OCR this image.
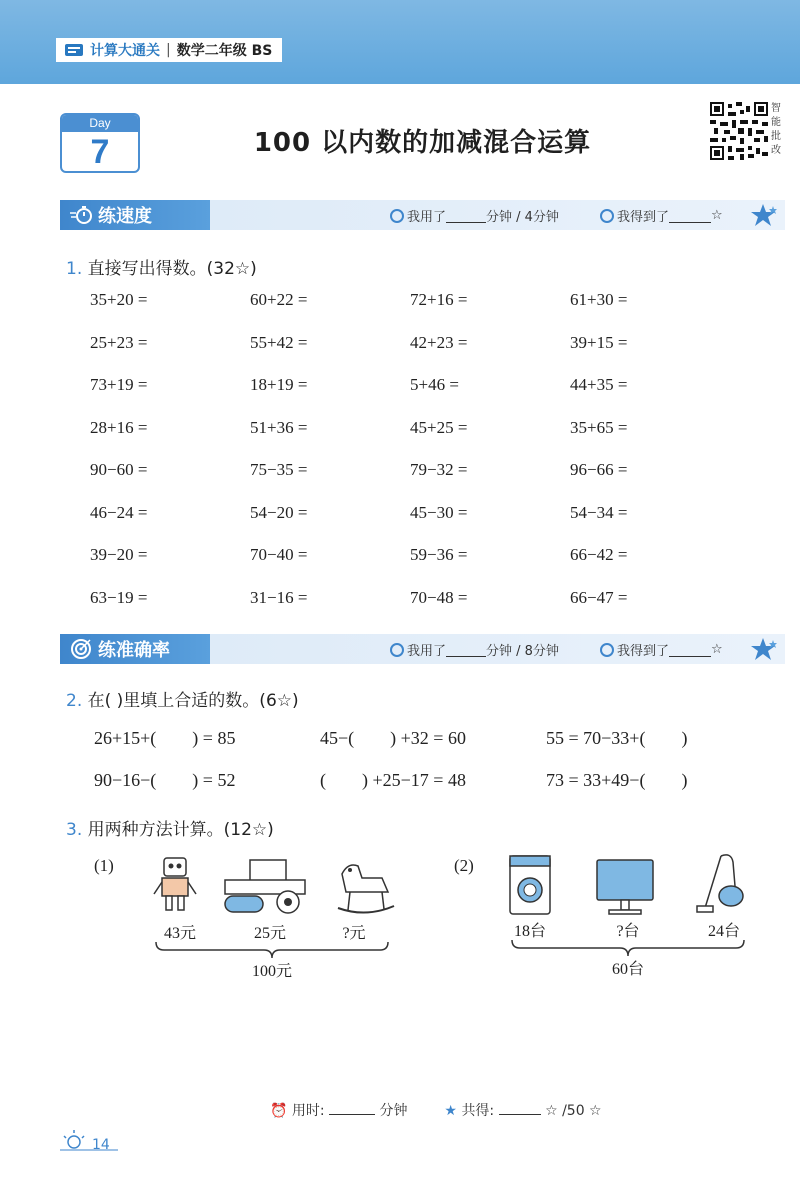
计算大通关 | 数学二年级 BS
Day
7	100 以内数的加减混合运算
智
能
批
改
练速度	我用了	分钟 / 4分钟	我得到了	☆
1. 直接写出得数。(32☆)
35+20 =	60+22 =	72+16 =	61+30 =
25+23 =	55+42 =	42+23 =	39+15 =
73+19 =	18+19 =	5+46 =	44+35 =
28+16 =	51+36 =	45+25 =	35+65 =
90−60 =	75−35 =	79−32 =	96−66 =
46−24 =	54−20 =	45−30 =	54−34 =
39−20 =	70−40 =	59−36 =	66−42 =
63−19 =	31−16 =	70−48 =	66−47 =
练准确率	我用了	分钟 / 8分钟	我得到了	☆
2. 在( )里填上合适的数。(6☆)
26+15+(        ) = 85	45−(        ) +32 = 60	55 = 70−33+(        )
90−16−(        ) = 52	(        ) +25−17 = 48	73 = 33+49−(        )
3. 用两种方法计算。(12☆)
(1)
43元	25元	?元
100元
(2)
18台	?台	24台
60台
⏰ 用时:	分钟	★ 共得:	☆ /50 ☆
14
